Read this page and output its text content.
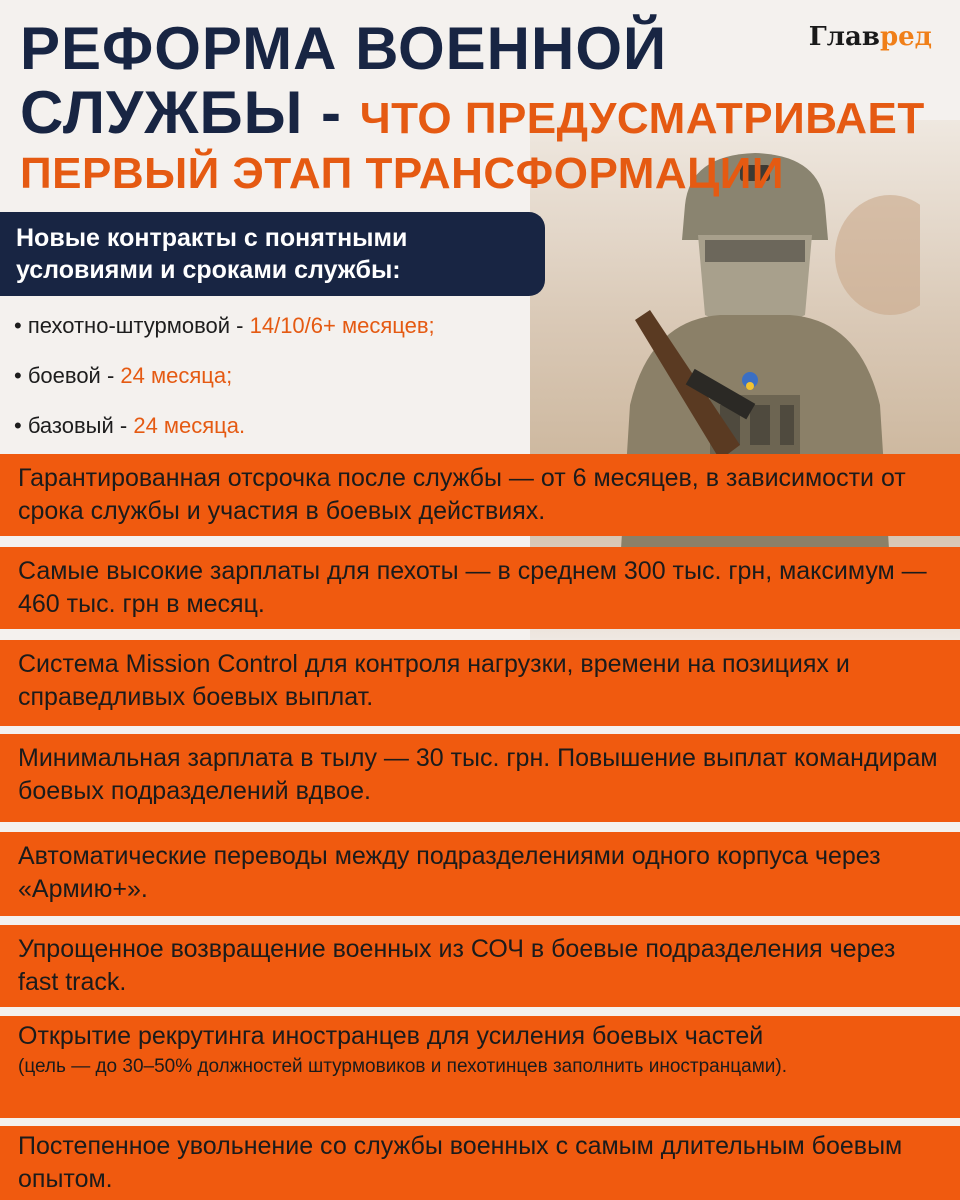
РЕФОРМА ВОЕННОЙ
СЛУЖБЫ - ЧТО ПРЕДУСМАТРИВАЕТ
ПЕРВЫЙ ЭТАП ТРАНСФОРМАЦИИ
Главред
Новые контракты с понятными условиями и сроками службы:
• пехотно-штурмовой - 14/10/6+ месяцев;
• боевой - 24 месяца;
• базовый - 24 месяца.
Гарантированная отсрочка после службы — от 6 месяцев, в зависимости от срока службы и участия в боевых действиях.
Самые высокие зарплаты для пехоты — в среднем 300 тыс. грн, максимум — 460 тыс. грн в месяц.
Система Mission Control для контроля нагрузки, времени на позициях и справедливых боевых выплат.
Минимальная зарплата в тылу — 30 тыс. грн. Повышение выплат командирам боевых подразделений вдвое.
Автоматические переводы между подразделениями одного корпуса через «Армию+».
Упрощенное возвращение военных из СОЧ в боевые подразделения через fast track.
Открытие рекрутинга иностранцев для усиления боевых частей
(цель — до 30–50% должностей штурмовиков и пехотинцев заполнить иностранцами).
Постепенное увольнение со службы военных с самым длительным боевым опытом.
